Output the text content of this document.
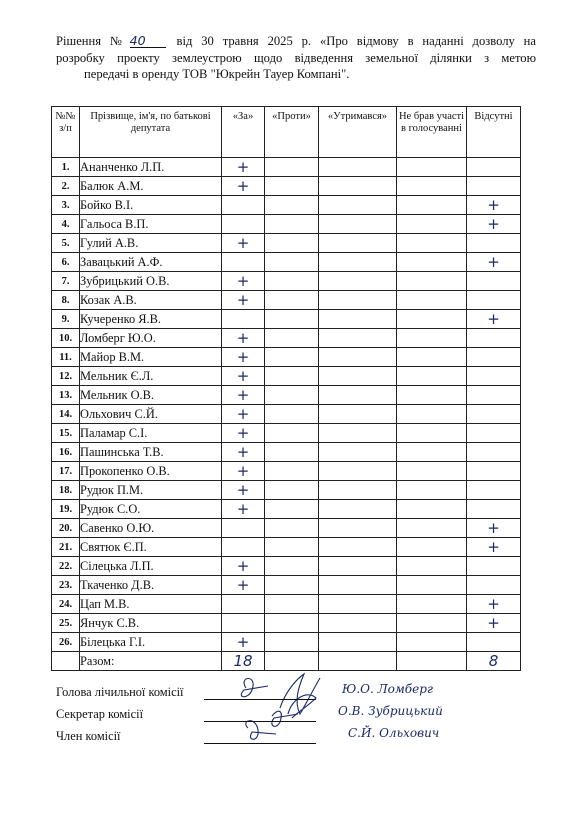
Рішення № 40 від 30 травня 2025 р. «Про відмову в наданні дозволу на
розробку проекту землеустрою щодо відведення земельної ділянки з метою
передачі в оренду ТОВ "Юкрейн Тауер Компані".
№№ з/п	Прізвище, ім'я, по батькові депутата	«За»	«Проти»	«Утримався»	Не брав участі в голосуванні	Відсутні
1.	Ананченко Л.П.	+				
2.	Балюк А.М.	+				
3.	Бойко В.І.					+
4.	Гальоса В.П.					+
5.	Гулий А.В.	+				
6.	Завацький А.Ф.					+
7.	Зубрицький О.В.	+				
8.	Козак А.В.	+				
9.	Кучеренко Я.В.					+
10.	Ломберг Ю.О.	+				
11.	Майор В.М.	+				
12.	Мельник Є.Л.	+				
13.	Мельник О.В.	+				
14.	Ольхович С.Й.	+				
15.	Паламар С.І.	+				
16.	Пашинська Т.В.	+				
17.	Прокопенко О.В.	+				
18.	Рудюк П.М.	+				
19.	Рудюк С.О.	+				
20.	Савенко О.Ю.					+
21.	Святюк Є.П.					+
22.	Сілецька Л.П.	+				
23.	Ткаченко Д.В.	+				
24.	Цап М.В.					+
25.	Янчук С.В.					+
26.	Білецька Г.І.	+				
	Разом:	18				8
Голова лічильної комісії	Ю.О. Ломберг
Секретар комісії	О.В. Зубрицький
Член комісії	С.Й. Ольхович
